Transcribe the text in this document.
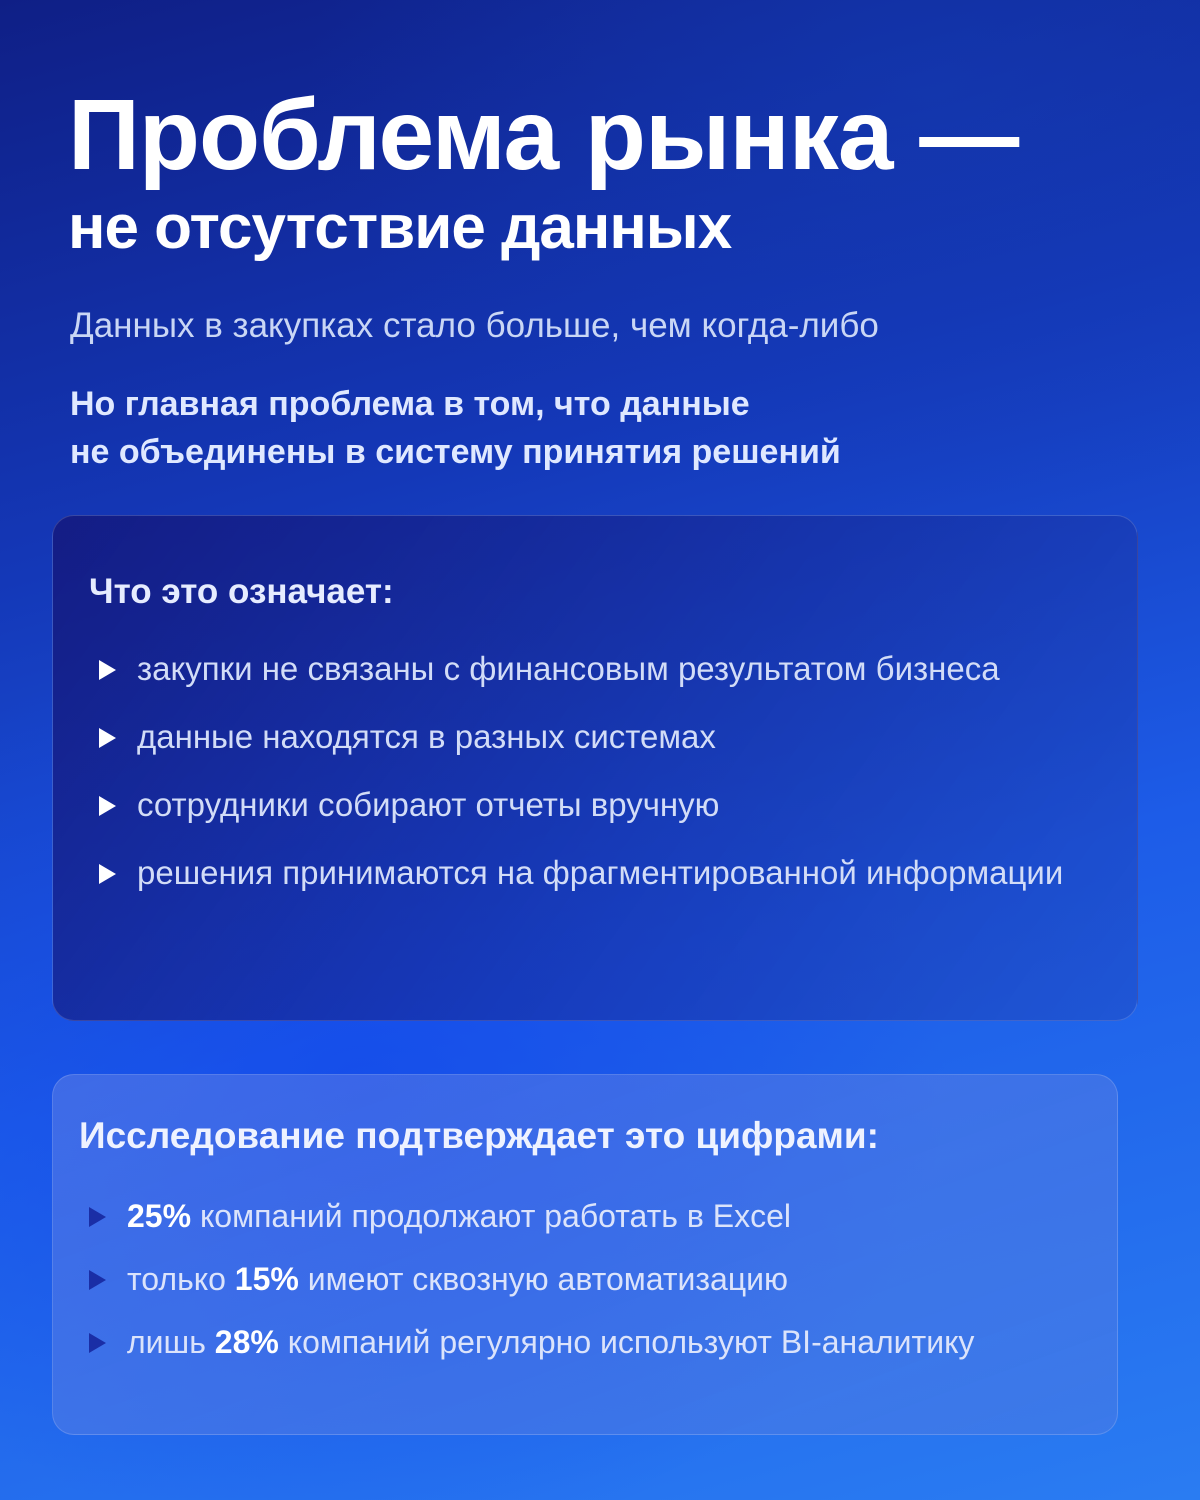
Проблема рынка —
не отсутствие данных

Данных в закупках стало больше, чем когда-либо

Но главная проблема в том, что данные
не объединены в систему принятия решений

Что это означает:
закупки не связаны с финансовым результатом бизнеса
данные находятся в разных системах
сотрудники собирают отчеты вручную
решения принимаются на фрагментированной информации
Исследование подтверждает это цифрами:
25% компаний продолжают работать в Excel
только 15% имеют сквозную автоматизацию
лишь 28% компаний регулярно используют BI-аналитику
